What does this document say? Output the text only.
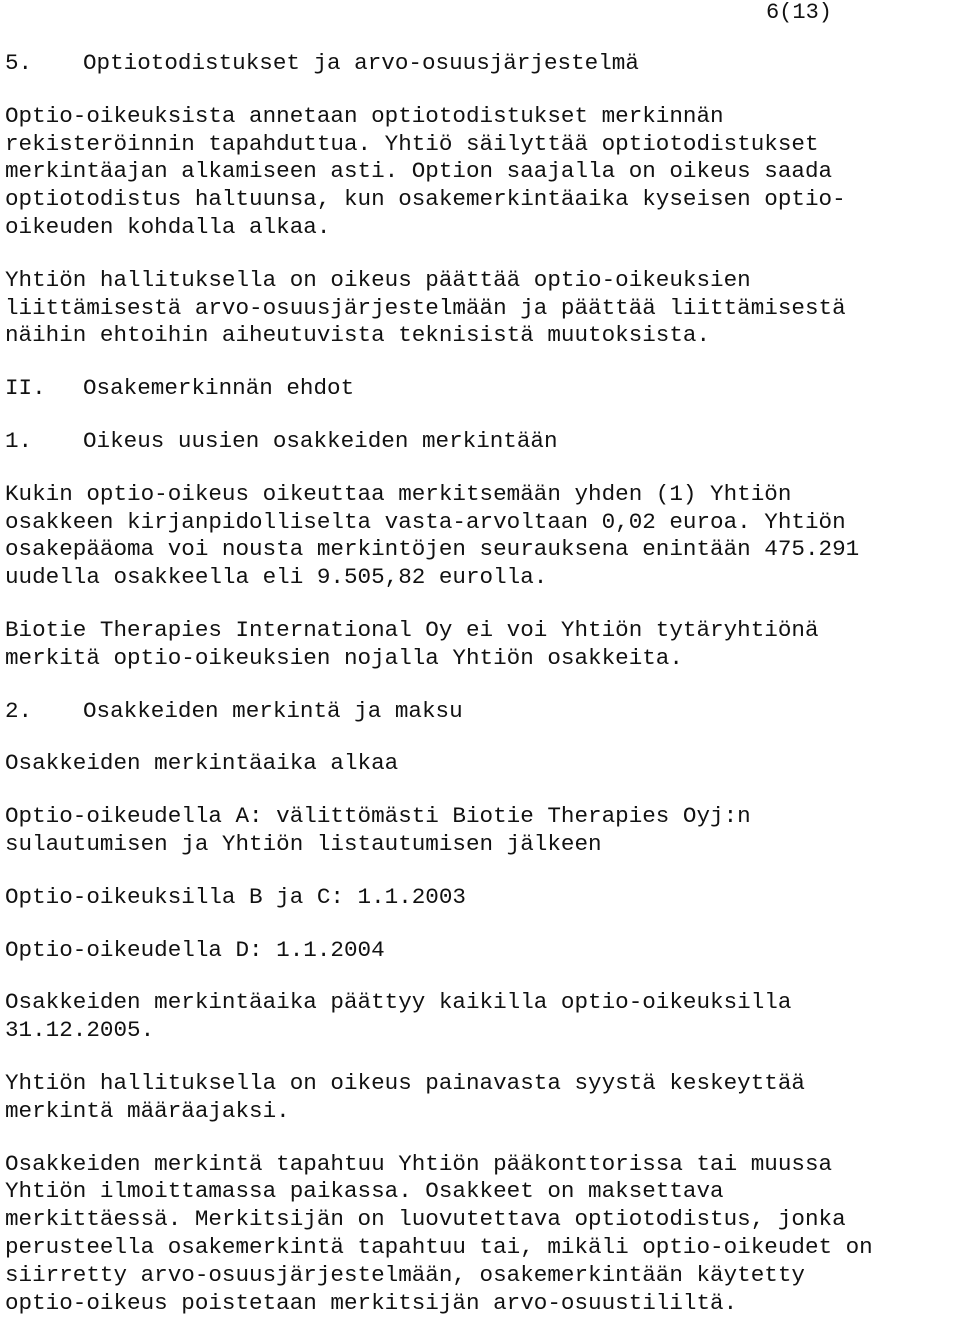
6(13)
5. Optiotodistukset ja arvo-osuusjärjestelmä
Optio-oikeuksista annetaan optiotodistukset merkinnän
rekisteröinnin tapahduttua. Yhtiö säilyttää optiotodistukset
merkintäajan alkamiseen asti. Option saajalla on oikeus saada
optiotodistus haltuunsa, kun osakemerkintäaika kyseisen optio-
oikeuden kohdalla alkaa.
Yhtiön hallituksella on oikeus päättää optio-oikeuksien
liittämisestä arvo-osuusjärjestelmään ja päättää liittämisestä
näihin ehtoihin aiheutuvista teknisistä muutoksista.
II. Osakemerkinnän ehdot
1. Oikeus uusien osakkeiden merkintään
Kukin optio-oikeus oikeuttaa merkitsemään yhden (1) Yhtiön
osakkeen kirjanpidolliselta vasta-arvoltaan 0,02 euroa. Yhtiön
osakepääoma voi nousta merkintöjen seurauksena enintään 475.291
uudella osakkeella eli 9.505,82 eurolla.
Biotie Therapies International Oy ei voi Yhtiön tytäryhtiönä
merkitä optio-oikeuksien nojalla Yhtiön osakkeita.
2. Osakkeiden merkintä ja maksu
Osakkeiden merkintäaika alkaa
Optio-oikeudella A: välittömästi Biotie Therapies Oyj:n
sulautumisen ja Yhtiön listautumisen jälkeen
Optio-oikeuksilla B ja C: 1.1.2003
Optio-oikeudella D: 1.1.2004
Osakkeiden merkintäaika päättyy kaikilla optio-oikeuksilla
31.12.2005.
Yhtiön hallituksella on oikeus painavasta syystä keskeyttää
merkintä määräajaksi.
Osakkeiden merkintä tapahtuu Yhtiön pääkonttorissa tai muussa
Yhtiön ilmoittamassa paikassa. Osakkeet on maksettava
merkittäessä. Merkitsijän on luovutettava optiotodistus, jonka
perusteella osakemerkintä tapahtuu tai, mikäli optio-oikeudet on
siirretty arvo-osuusjärjestelmään, osakemerkintään käytetty
optio-oikeus poistetaan merkitsijän arvo-osuustililtä.
